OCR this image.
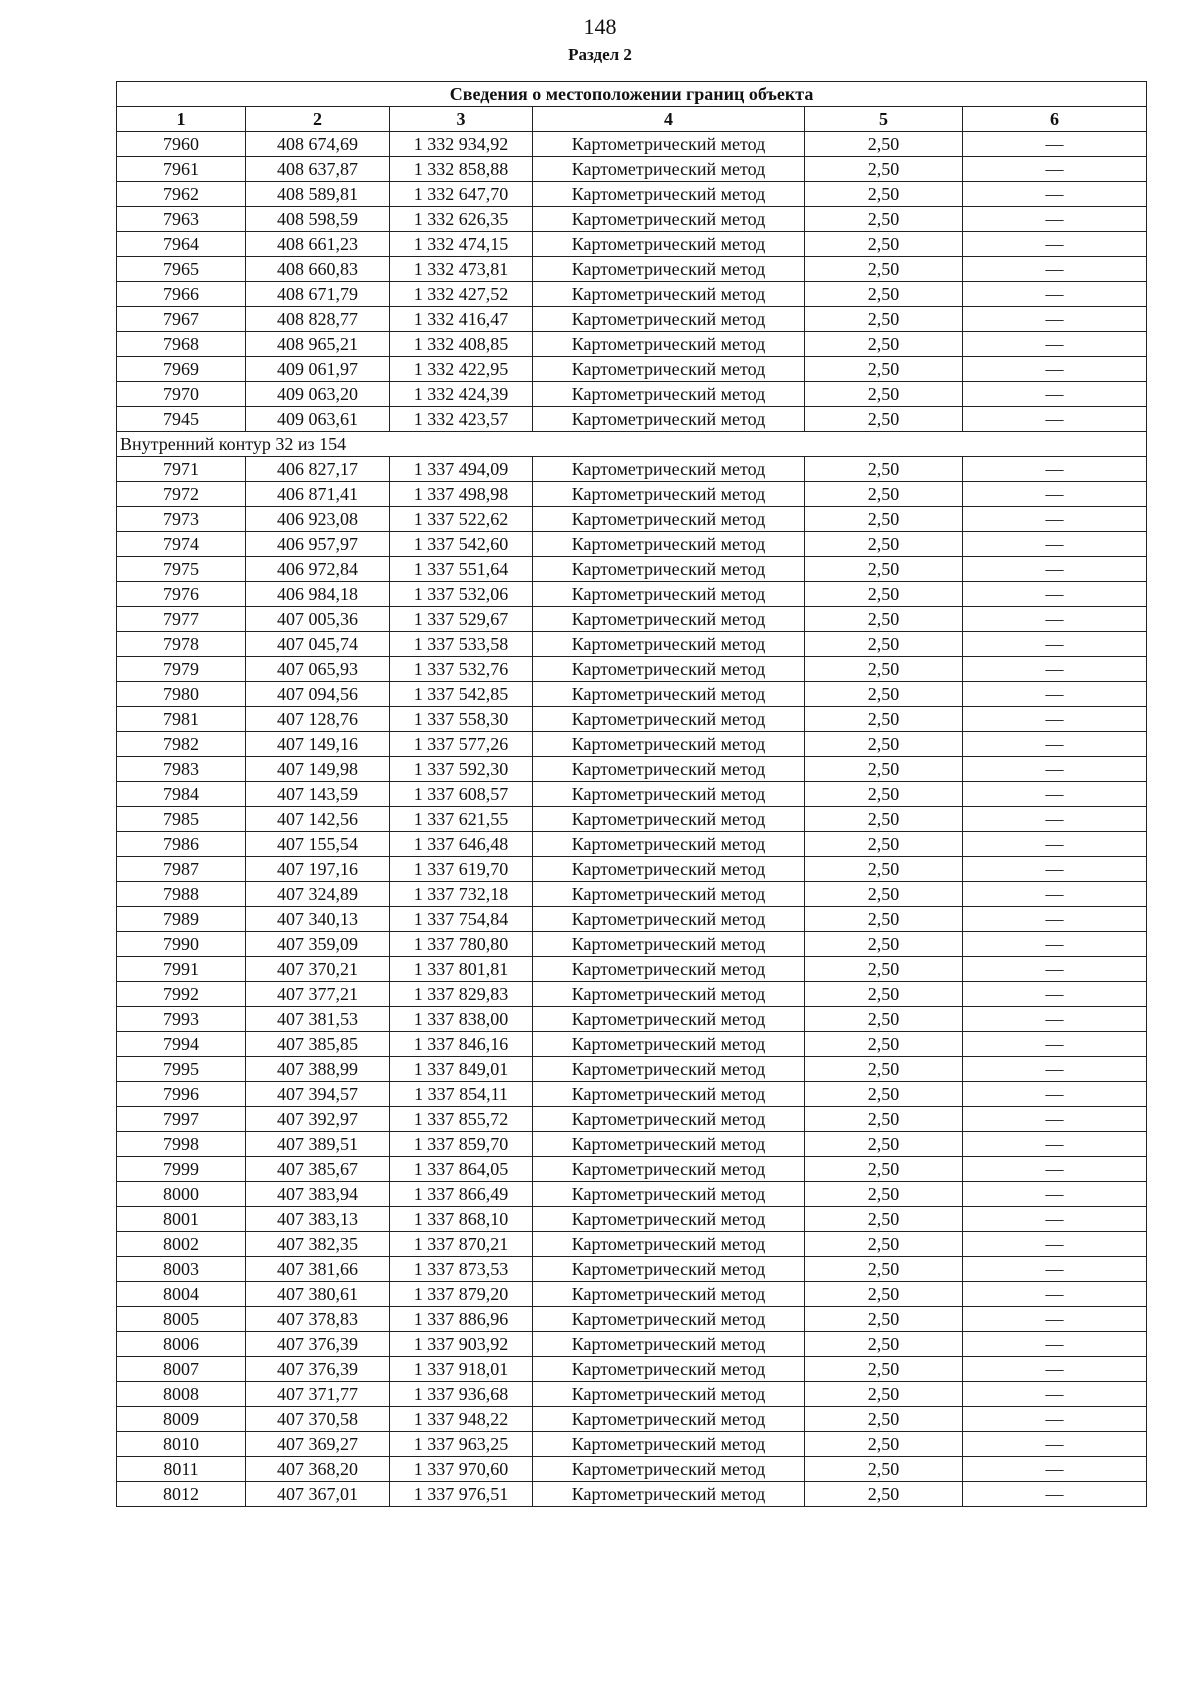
148
Раздел 2
Сведения о местоположении границ объекта					
1	2	3	4	5	6
7960	408 674,69	1 332 934,92	Картометрический метод	2,50	—
7961	408 637,87	1 332 858,88	Картометрический метод	2,50	—
7962	408 589,81	1 332 647,70	Картометрический метод	2,50	—
7963	408 598,59	1 332 626,35	Картометрический метод	2,50	—
7964	408 661,23	1 332 474,15	Картометрический метод	2,50	—
7965	408 660,83	1 332 473,81	Картометрический метод	2,50	—
7966	408 671,79	1 332 427,52	Картометрический метод	2,50	—
7967	408 828,77	1 332 416,47	Картометрический метод	2,50	—
7968	408 965,21	1 332 408,85	Картометрический метод	2,50	—
7969	409 061,97	1 332 422,95	Картометрический метод	2,50	—
7970	409 063,20	1 332 424,39	Картометрический метод	2,50	—
7945	409 063,61	1 332 423,57	Картометрический метод	2,50	—
Внутренний контур 32 из 154					
7971	406 827,17	1 337 494,09	Картометрический метод	2,50	—
7972	406 871,41	1 337 498,98	Картометрический метод	2,50	—
7973	406 923,08	1 337 522,62	Картометрический метод	2,50	—
7974	406 957,97	1 337 542,60	Картометрический метод	2,50	—
7975	406 972,84	1 337 551,64	Картометрический метод	2,50	—
7976	406 984,18	1 337 532,06	Картометрический метод	2,50	—
7977	407 005,36	1 337 529,67	Картометрический метод	2,50	—
7978	407 045,74	1 337 533,58	Картометрический метод	2,50	—
7979	407 065,93	1 337 532,76	Картометрический метод	2,50	—
7980	407 094,56	1 337 542,85	Картометрический метод	2,50	—
7981	407 128,76	1 337 558,30	Картометрический метод	2,50	—
7982	407 149,16	1 337 577,26	Картометрический метод	2,50	—
7983	407 149,98	1 337 592,30	Картометрический метод	2,50	—
7984	407 143,59	1 337 608,57	Картометрический метод	2,50	—
7985	407 142,56	1 337 621,55	Картометрический метод	2,50	—
7986	407 155,54	1 337 646,48	Картометрический метод	2,50	—
7987	407 197,16	1 337 619,70	Картометрический метод	2,50	—
7988	407 324,89	1 337 732,18	Картометрический метод	2,50	—
7989	407 340,13	1 337 754,84	Картометрический метод	2,50	—
7990	407 359,09	1 337 780,80	Картометрический метод	2,50	—
7991	407 370,21	1 337 801,81	Картометрический метод	2,50	—
7992	407 377,21	1 337 829,83	Картометрический метод	2,50	—
7993	407 381,53	1 337 838,00	Картометрический метод	2,50	—
7994	407 385,85	1 337 846,16	Картометрический метод	2,50	—
7995	407 388,99	1 337 849,01	Картометрический метод	2,50	—
7996	407 394,57	1 337 854,11	Картометрический метод	2,50	—
7997	407 392,97	1 337 855,72	Картометрический метод	2,50	—
7998	407 389,51	1 337 859,70	Картометрический метод	2,50	—
7999	407 385,67	1 337 864,05	Картометрический метод	2,50	—
8000	407 383,94	1 337 866,49	Картометрический метод	2,50	—
8001	407 383,13	1 337 868,10	Картометрический метод	2,50	—
8002	407 382,35	1 337 870,21	Картометрический метод	2,50	—
8003	407 381,66	1 337 873,53	Картометрический метод	2,50	—
8004	407 380,61	1 337 879,20	Картометрический метод	2,50	—
8005	407 378,83	1 337 886,96	Картометрический метод	2,50	—
8006	407 376,39	1 337 903,92	Картометрический метод	2,50	—
8007	407 376,39	1 337 918,01	Картометрический метод	2,50	—
8008	407 371,77	1 337 936,68	Картометрический метод	2,50	—
8009	407 370,58	1 337 948,22	Картометрический метод	2,50	—
8010	407 369,27	1 337 963,25	Картометрический метод	2,50	—
8011	407 368,20	1 337 970,60	Картометрический метод	2,50	—
8012	407 367,01	1 337 976,51	Картометрический метод	2,50	—
